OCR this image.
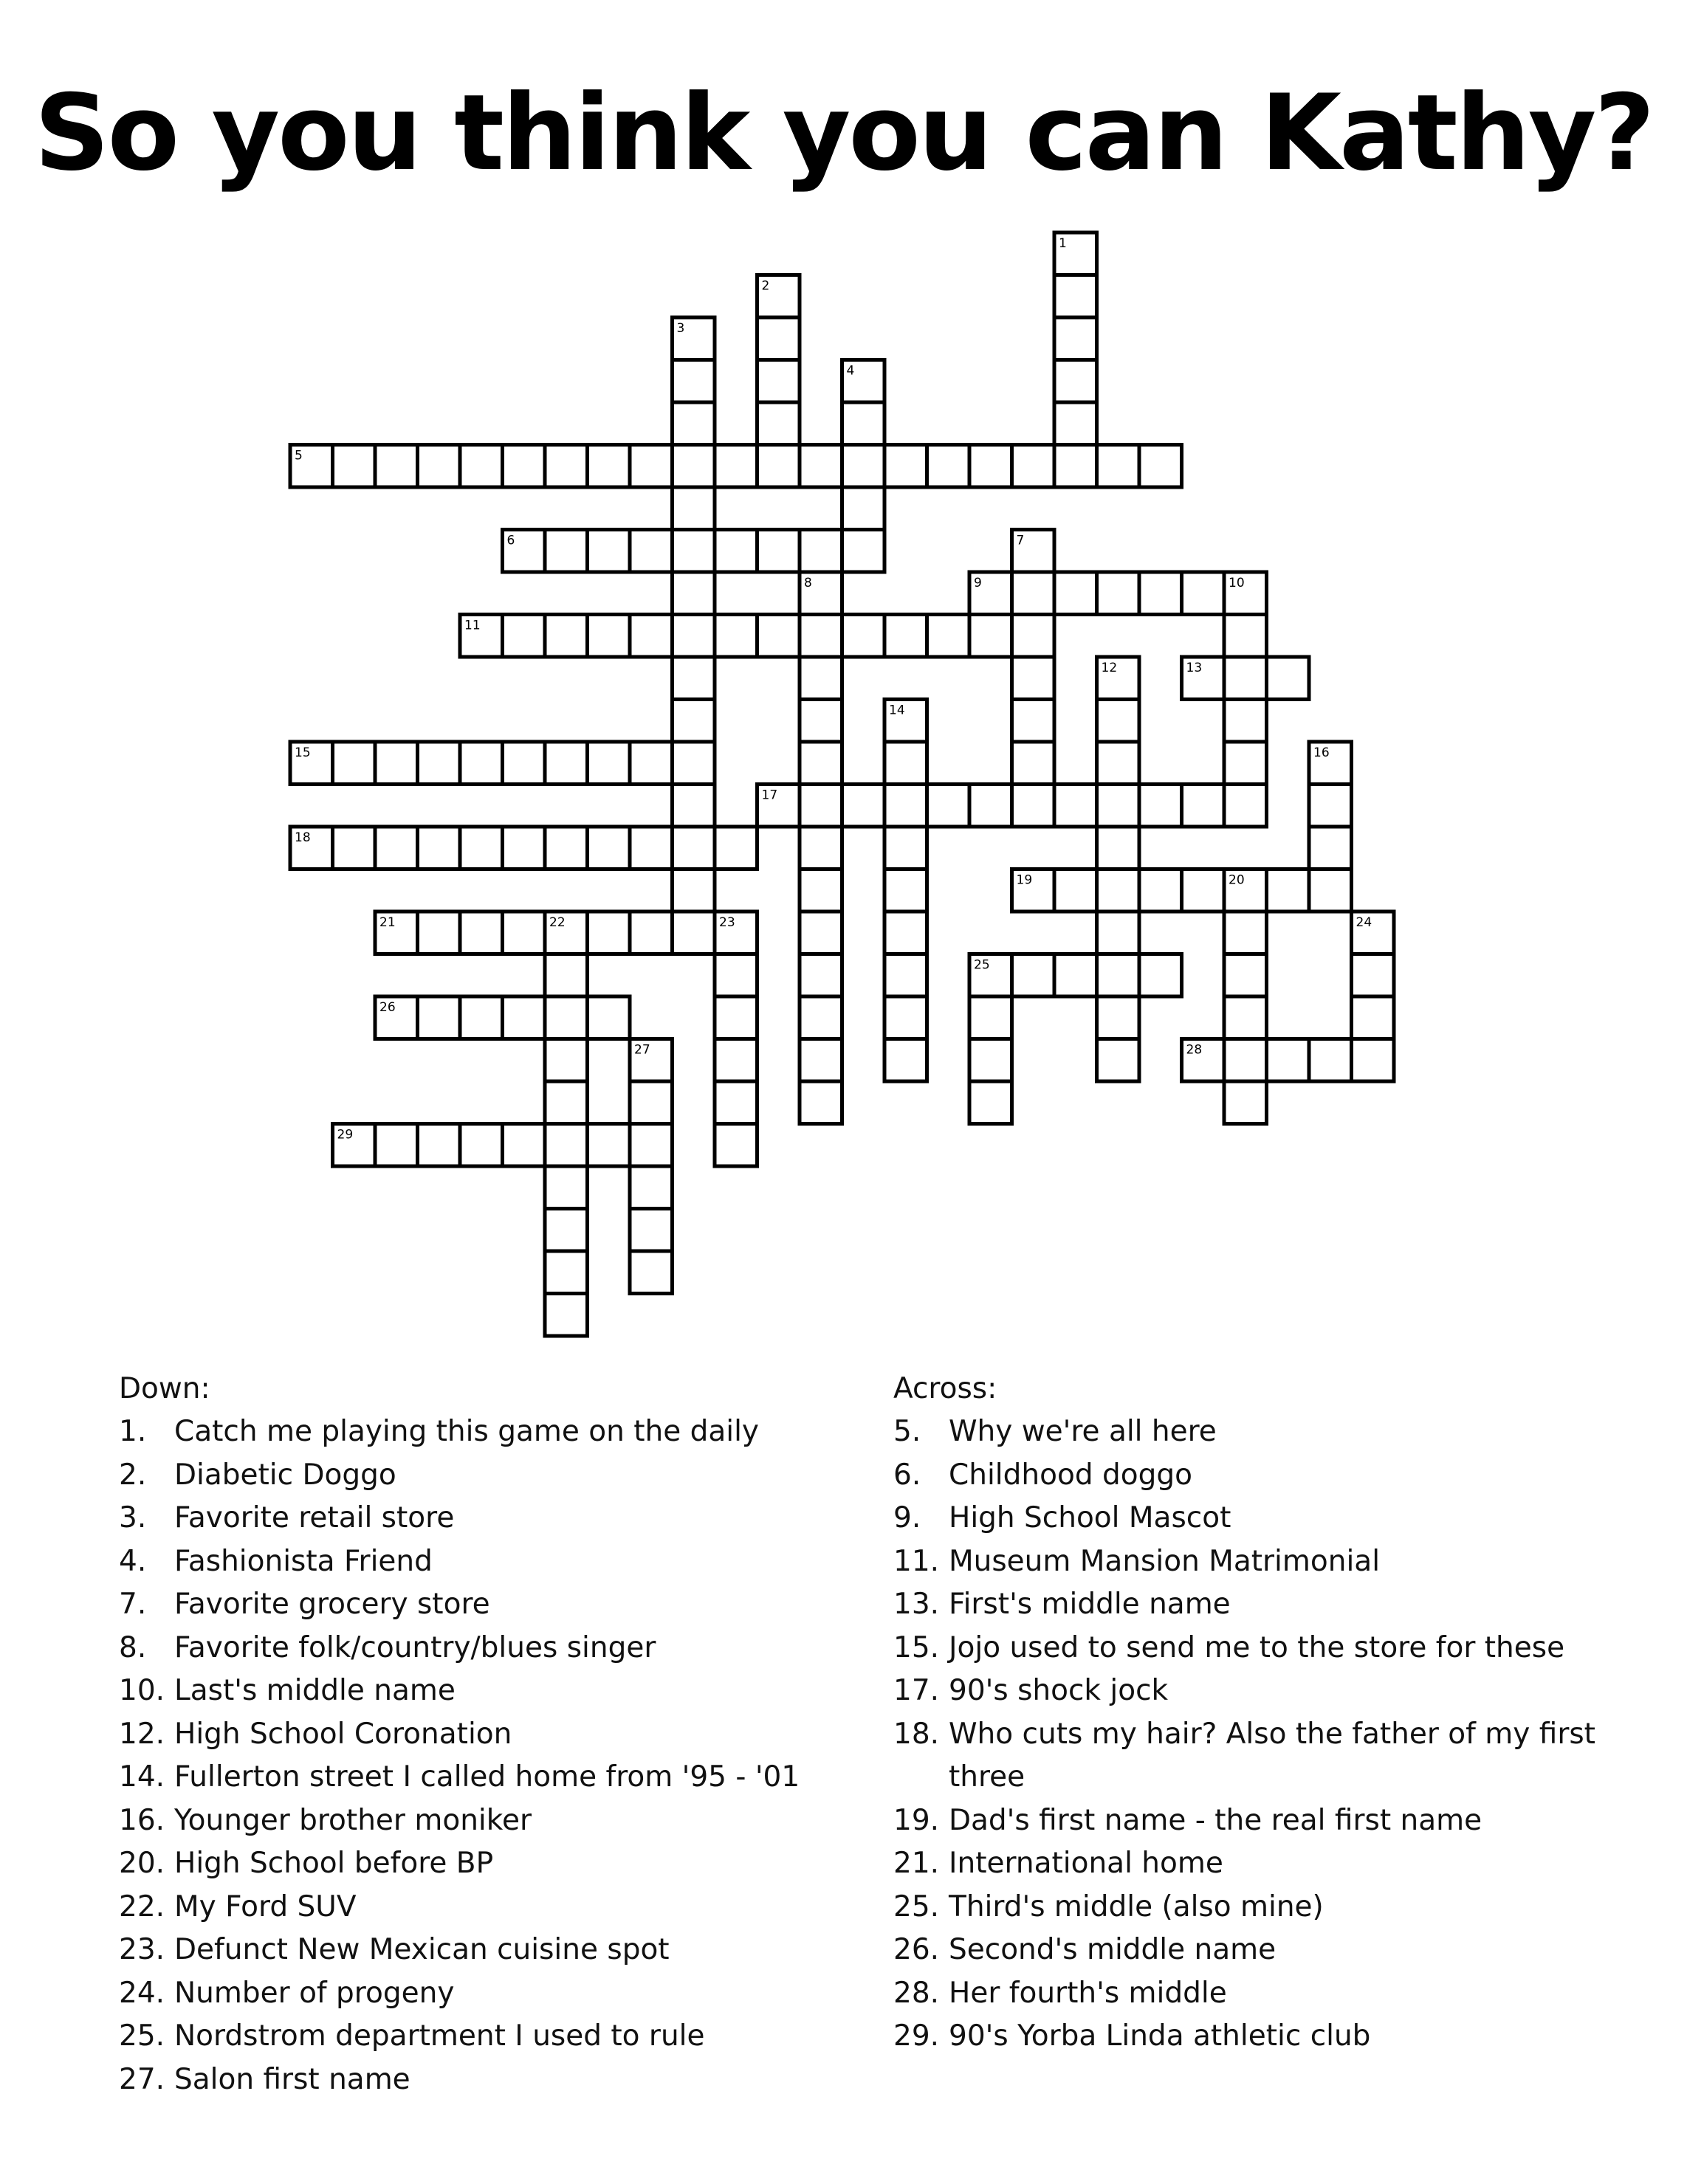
So you think you can Kathy?
1
2
3
4
5
6	7
8	9	10
11
12	13
14
15	16
17
18
19	20
21	22	23	24
25
26
27	28
29
Down:
1. Catch me playing this game on the daily
2. Diabetic Doggo
3. Favorite retail store
4. Fashionista Friend
7. Favorite grocery store
8. Favorite folk/country/blues singer
10. Last's middle name
12. High School Coronation
14. Fullerton street I called home from '95 - '01
16. Younger brother moniker
20. High School before BP
22. My Ford SUV
23. Defunct New Mexican cuisine spot
24. Number of progeny
25. Nordstrom department I used to rule
27. Salon first name
Across:
5. Why we're all here
6. Childhood doggo
9. High School Mascot
11. Museum Mansion Matrimonial
13. First's middle name
15. Jojo used to send me to the store for these
17. 90's shock jock
18. Who cuts my hair? Also the father of my first three
19. Dad's first name - the real first name
21. International home
25. Third's middle (also mine)
26. Second's middle name
28. Her fourth's middle
29. 90's Yorba Linda athletic club
